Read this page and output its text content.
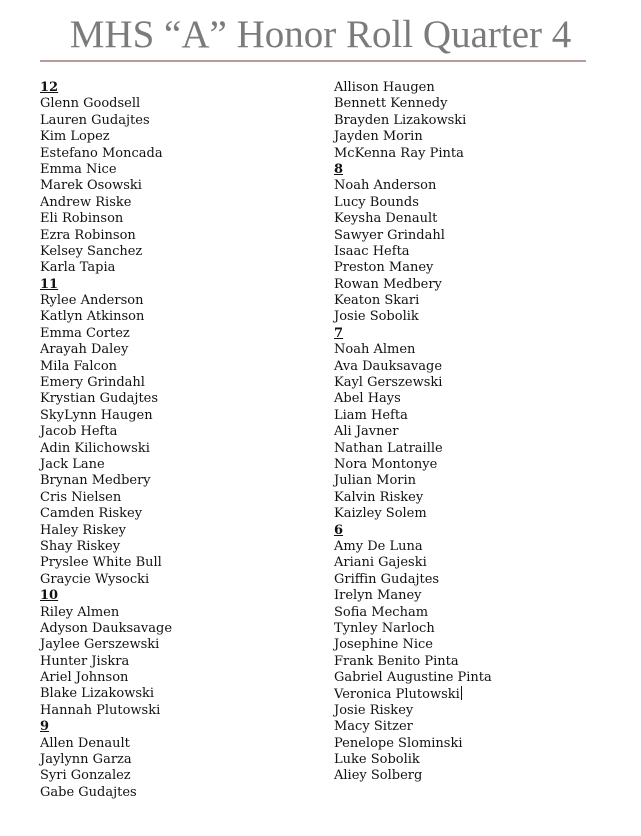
MHS “A” Honor Roll Quarter 4
12
Glenn Goodsell
Lauren Gudajtes
Kim Lopez
Estefano Moncada
Emma Nice
Marek Osowski
Andrew Riske
Eli Robinson
Ezra Robinson
Kelsey Sanchez
Karla Tapia
11
Rylee Anderson
Katlyn Atkinson
Emma Cortez
Arayah Daley
Mila Falcon
Emery Grindahl
Krystian Gudajtes
SkyLynn Haugen
Jacob Hefta
Adin Kilichowski
Jack Lane
Brynan Medbery
Cris Nielsen
Camden Riskey
Haley Riskey
Shay Riskey
Pryslee White Bull
Graycie Wysocki
10
Riley Almen
Adyson Dauksavage
Jaylee Gerszewski
Hunter Jiskra
Ariel Johnson
Blake Lizakowski
Hannah Plutowski
9
Allen Denault
Jaylynn Garza
Syri Gonzalez
Gabe Gudajtes
Allison Haugen
Bennett Kennedy
Brayden Lizakowski
Jayden Morin
McKenna Ray Pinta
8
Noah Anderson
Lucy Bounds
Keysha Denault
Sawyer Grindahl
Isaac Hefta
Preston Maney
Rowan Medbery
Keaton Skari
Josie Sobolik
7
Noah Almen
Ava Dauksavage
Kayl Gerszewski
Abel Hays
Liam Hefta
Ali Javner
Nathan Latraille
Nora Montonye
Julian Morin
Kalvin Riskey
Kaizley Solem
6
Amy De Luna
Ariani Gajeski
Griffin Gudajtes
Irelyn Maney
Sofia Mecham
Tynley Narloch
Josephine Nice
Frank Benito Pinta
Gabriel Augustine Pinta
Veronica Plutowski
Josie Riskey
Macy Sitzer
Penelope Slominski
Luke Sobolik
Aliey Solberg
